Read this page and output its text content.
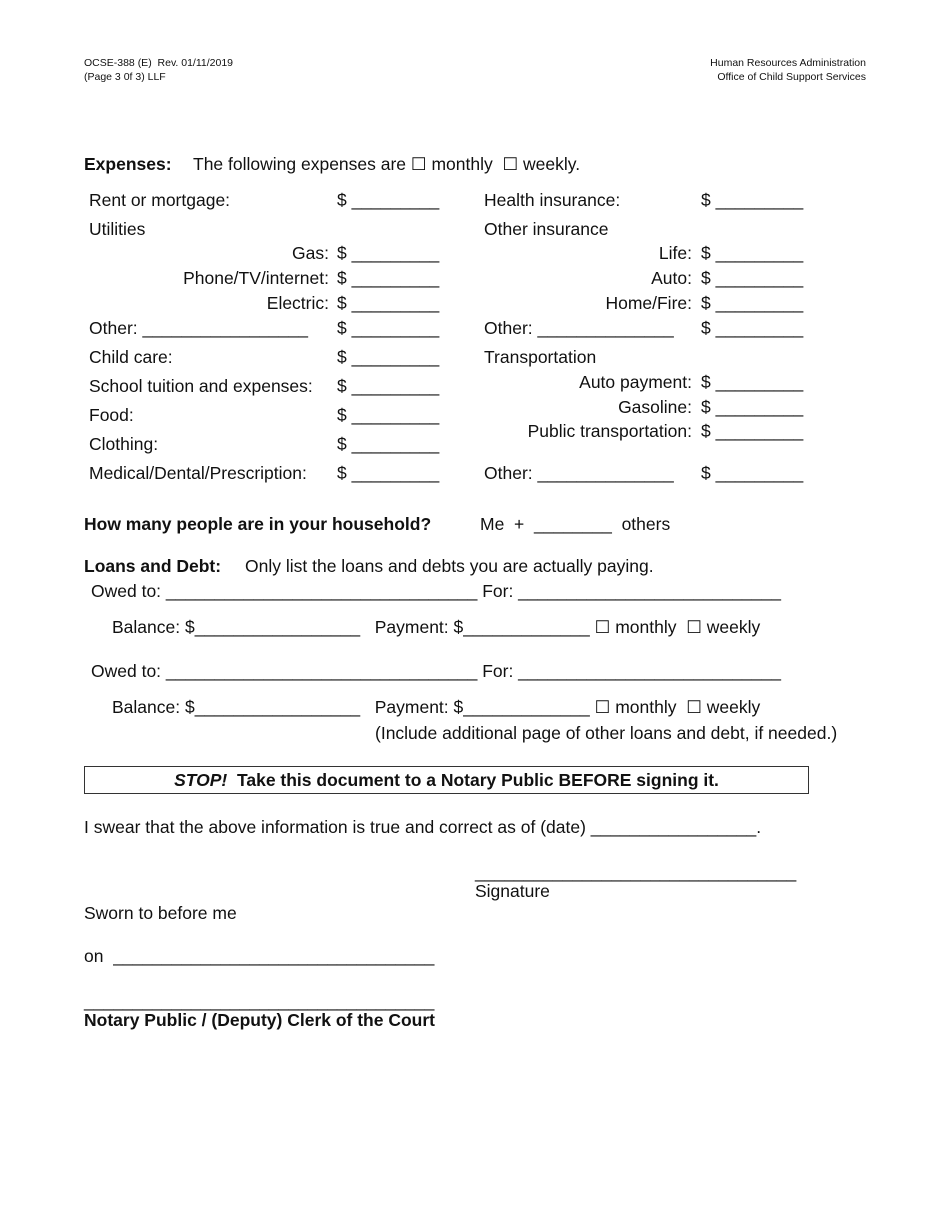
OCSE-388 (E)  Rev. 01/11/2019
(Page 3 0f 3) LLF
Human Resources Administration
Office of Child Support Services
Expenses: The following expenses are ☐ monthly  ☐ weekly.
Rent or mortgage:
Utilities
Gas:
Phone/TV/internet:
Electric:
Other: _________________
Child care:
School tuition and expenses:
Food:
Clothing:
Medical/Dental/Prescription:
$ _________
$ _________
$ _________
$ _________
$ _________
$ _________
$ _________
$ _________
$ _________
$ _________
Health insurance:
Other insurance
Life:
Auto:
Home/Fire:
Other: ______________
Transportation
Auto payment:
Gasoline:
Public transportation:
Other: ______________
$ _________
$ _________
$ _________
$ _________
$ _________
$ _________
$ _________
$ _________
$ _________
How many people are in your household?	Me  +  ________  others
Loans and Debt: Only list the loans and debts you are actually paying.
Owed to: ________________________________ For: ___________________________
Balance: $_________________   Payment: $_____________ ☐ monthly  ☐ weekly
Owed to: ________________________________ For: ___________________________
Balance: $_________________   Payment: $_____________ ☐ monthly  ☐ weekly
(Include additional page of other loans and debt, if needed.)
STOP! Take this document to a Notary Public BEFORE signing it.
I swear that the above information is true and correct as of (date) _________________.
_________________________________
Signature
Sworn to before me
on  _________________________________
____________________________________
Notary Public / (Deputy) Clerk of the Court
